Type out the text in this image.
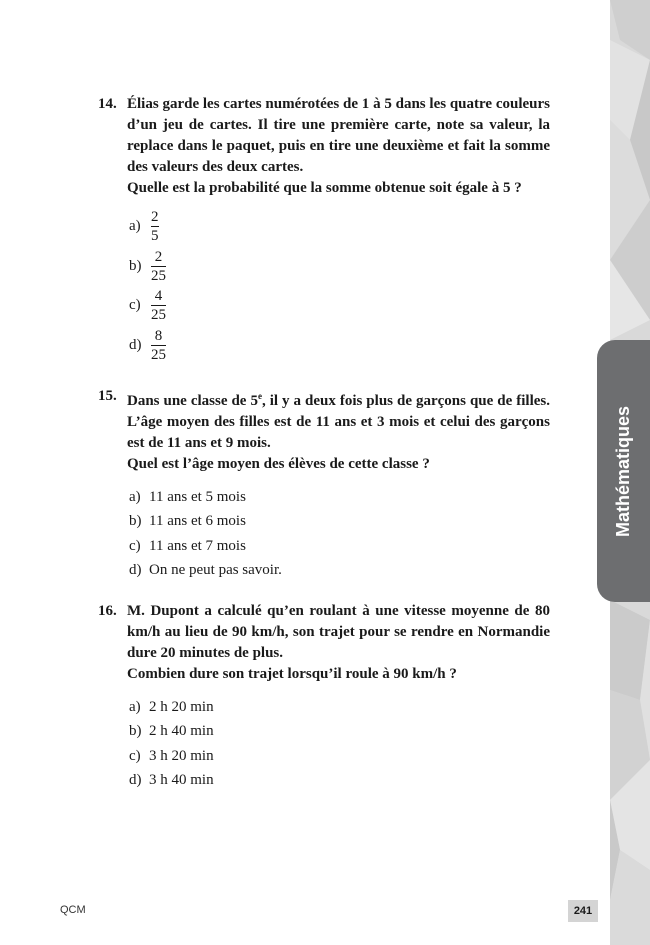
Mathématiques
14. Élias garde les cartes numérotées de 1 à 5 dans les quatre couleurs d’un jeu de cartes. Il tire une première carte, note sa valeur, la replace dans le paquet, puis en tire une deuxième et fait la somme des valeurs des deux cartes.
Quelle est la probabilité que la somme obtenue soit égale à 5 ?
$a) \frac{2}{5}$
$b) \frac{2}{25}$
$c) \frac{4}{25}$
$d) \frac{8}{25}$
15. Dans une classe de 5e, il y a deux fois plus de garçons que de filles. L’âge moyen des filles est de 11 ans et 3 mois et celui des garçons est de 11 ans et 9 mois.
Quel est l’âge moyen des élèves de cette classe ?
a) 11 ans et 5 mois
b) 11 ans et 6 mois
c) 11 ans et 7 mois
d) On ne peut pas savoir.
16. M. Dupont a calculé qu’en roulant à une vitesse moyenne de 80 km/h au lieu de 90 km/h, son trajet pour se rendre en Normandie dure 20 minutes de plus.
Combien dure son trajet lorsqu’il roule à 90 km/h ?
a) 2 h 20 min
b) 2 h 40 min
c) 3 h 20 min
d) 3 h 40 min
QCM	241
